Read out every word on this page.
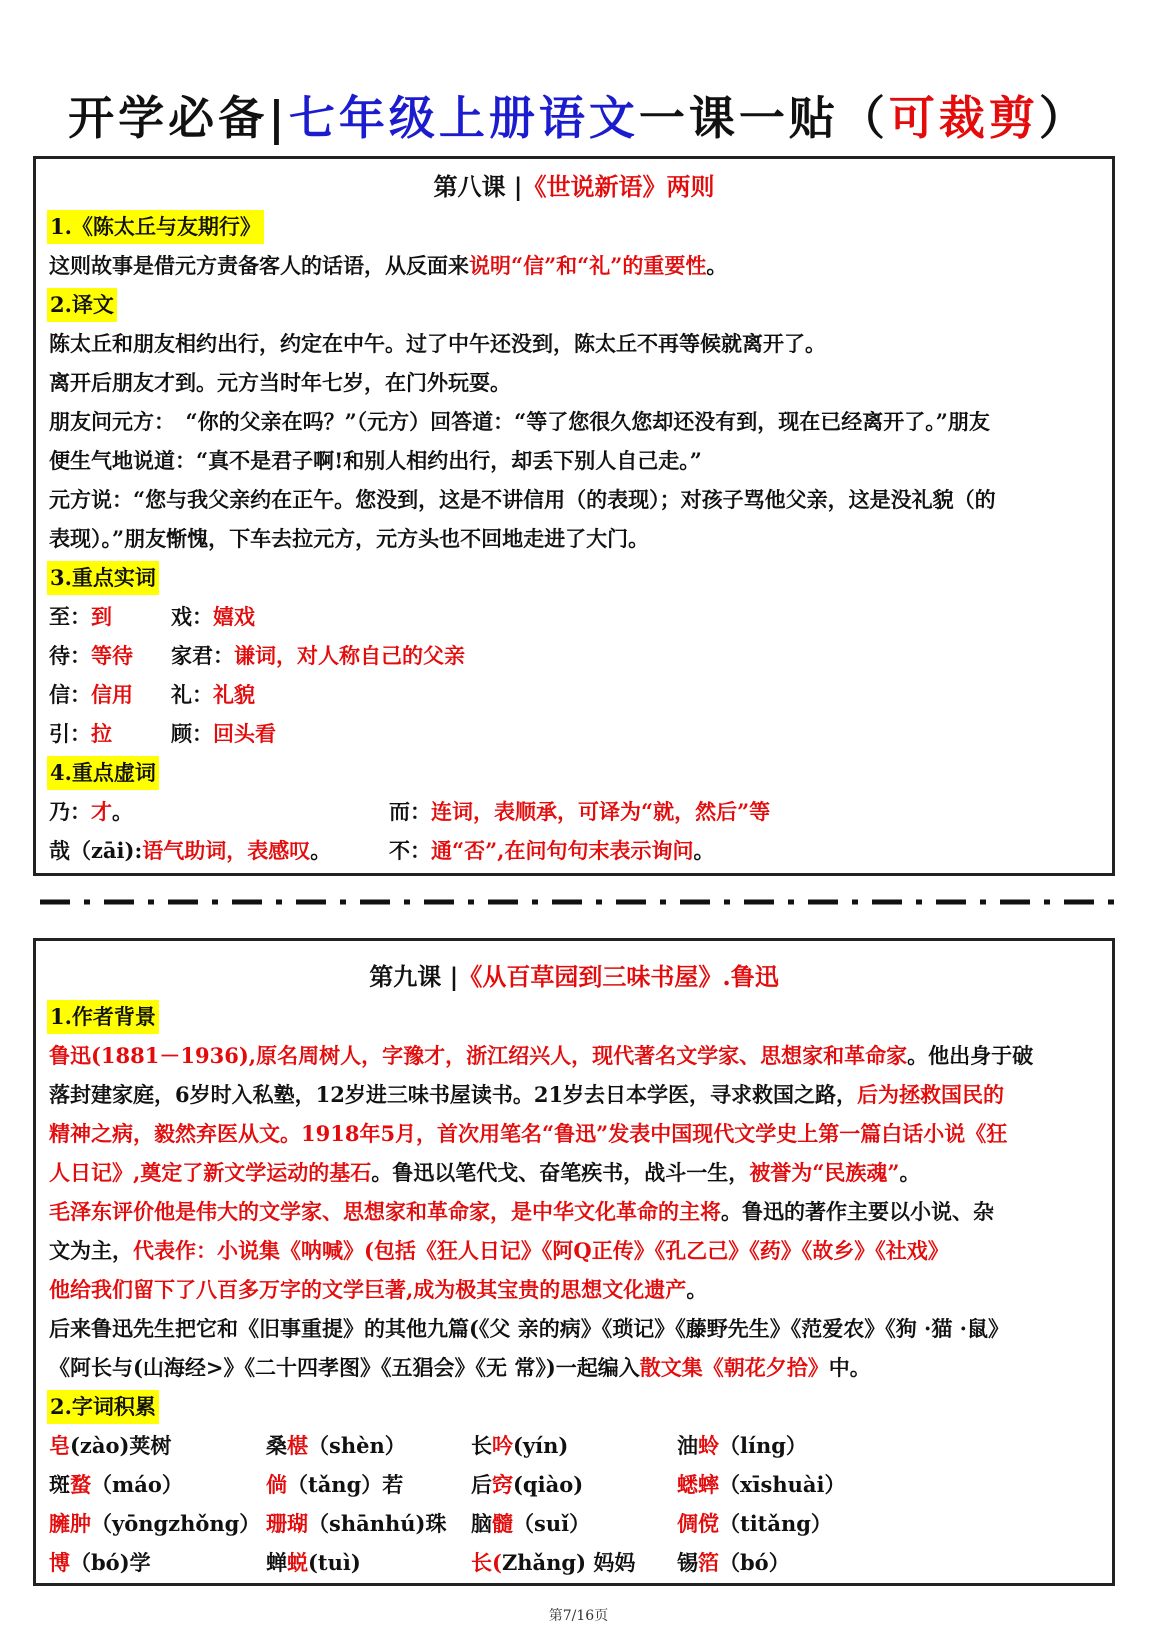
开学必备|七年级上册语文一课一贴（可裁剪）
第八课 |《世说新语》两则
1.《陈太丘与友期行》
这则故事是借元方责备客人的话语，从反面来说明“信”和“礼”的重要性。
2.译文
陈太丘和朋友相约出行，约定在中午。过了中午还没到，陈太丘不再等候就离开了。
离开后朋友才到。元方当时年七岁，在门外玩耍。
朋友问元方：　“你的父亲在吗？”（元方）回答道：“等了您很久您却还没有到，现在已经离开了。”朋友
便生气地说道：“真不是君子啊!和别人相约出行，却丢下别人自己走。”
元方说：“您与我父亲约在正午。您没到，这是不讲信用（的表现）；对孩子骂他父亲，这是没礼貌（的
表现）。”朋友惭愧，下车去拉元方，元方头也不回地走进了大门。
3.重点实词
至：到	戏：嬉戏
待：等待	家君：谦词，对人称自己的父亲
信：信用	礼：礼貌
引：拉	顾：回头看
4.重点虚词
乃：才。	而：连词，表顺承，可译为“就，然后”等
哉（zāi):语气助词，表感叹。	不：通“否”,在问句句末表示询问。
第九课 |《从百草园到三味书屋》.鲁迅
1.作者背景
鲁迅(1881－1936),原名周树人，字豫才，浙江绍兴人，现代著名文学家、思想家和革命家。他出身于破
落封建家庭，6岁时入私塾，12岁进三味书屋读书。21岁去日本学医，寻求救国之路，后为拯救国民的
精神之病，毅然弃医从文。1918年5月，首次用笔名“鲁迅”发表中国现代文学史上第一篇白话小说《狂
人日记》,奠定了新文学运动的基石。鲁迅以笔代戈、奋笔疾书，战斗一生，被誉为“民族魂”。
毛泽东评价他是伟大的文学家、思想家和革命家，是中华文化革命的主将。鲁迅的著作主要以小说、杂
文为主，代表作：小说集《呐喊》(包括《狂人日记》《阿Q正传》《孔乙己》《药》《故乡》《社戏》
他给我们留下了八百多万字的文学巨著,成为极其宝贵的思想文化遗产。
后来鲁迅先生把它和《旧事重提》的其他九篇(《父 亲的病》《琐记》《藤野先生》《范爱农》《狗 ·猫 ·鼠》
《阿长与(山海经>》《二十四孝图》《五猖会》《无 常》)一起编入散文集《朝花夕拾》中。
2.字词积累
皂(zào)荚树	桑椹（shèn）	长吟(yín)	油蛉（líng）
斑蝥（máo）	倘（tǎng）若	后窍(qiào)	蟋蟀（xīshuài）
臃肿（yōngzhǒng） 珊瑚（shānhú)珠	脑髓（suǐ）	倜傥（titǎng）
博（bó)学	蝉蜕(tuì)	长(Zhǎng) 妈妈	锡箔（bó）
第7/16页
